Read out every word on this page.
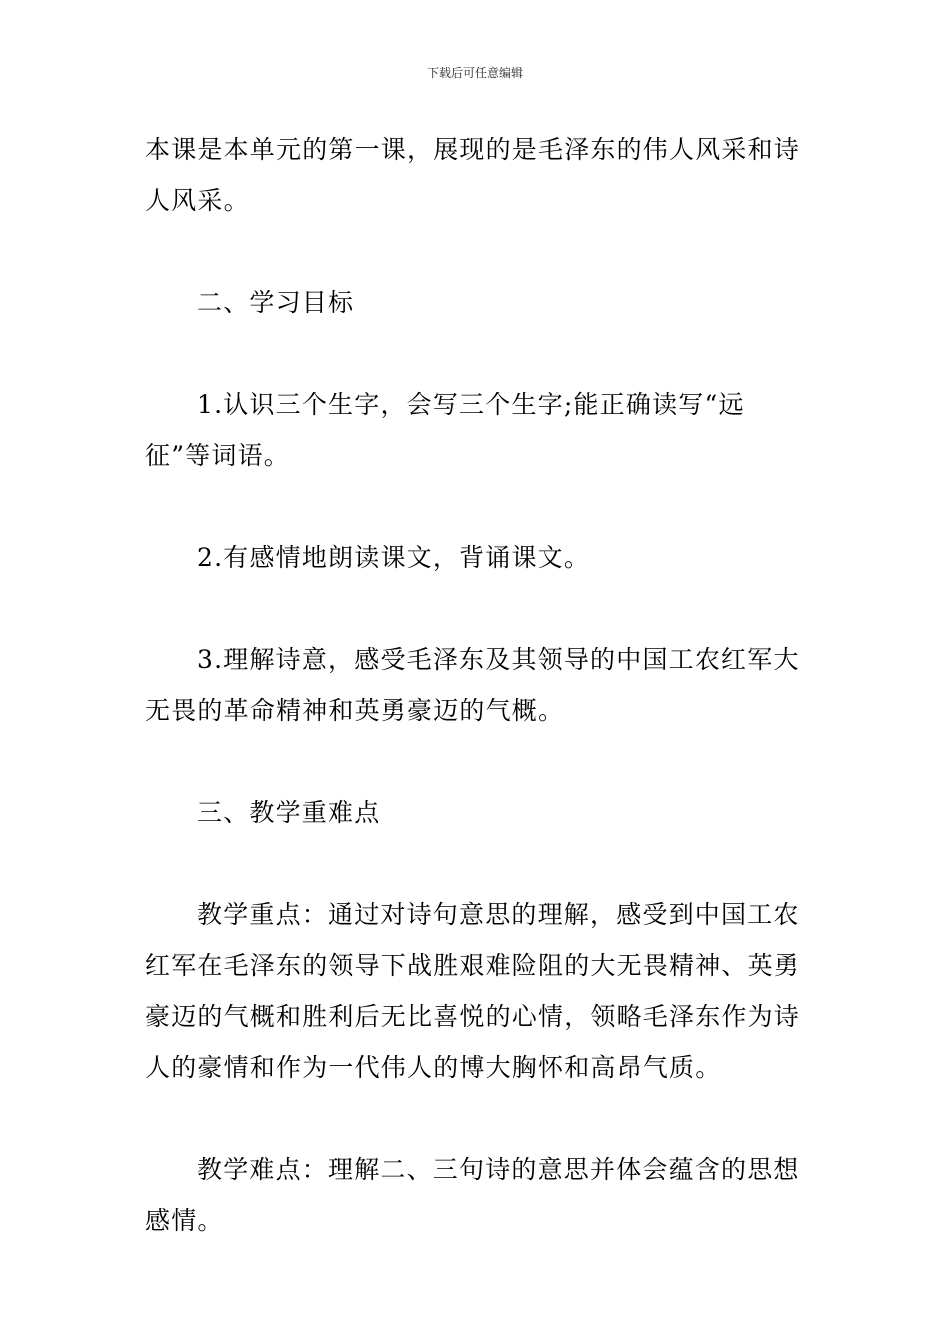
下载后可任意编辑

本课是本单元的第一课，展现的是毛泽东的伟人风采和诗人风采。

二、学习目标

1.认识三个生字，会写三个生字;能正确读写“远征”等词语。

2.有感情地朗读课文，背诵课文。

3.理解诗意，感受毛泽东及其领导的中国工农红军大无畏的革命精神和英勇豪迈的气概。

三、教学重难点

教学重点：通过对诗句意思的理解，感受到中国工农红军在毛泽东的领导下战胜艰难险阻的大无畏精神、英勇豪迈的气概和胜利后无比喜悦的心情，领略毛泽东作为诗人的豪情和作为一代伟人的博大胸怀和高昂气质。

教学难点：理解二、三句诗的意思并体会蕴含的思想感情。
